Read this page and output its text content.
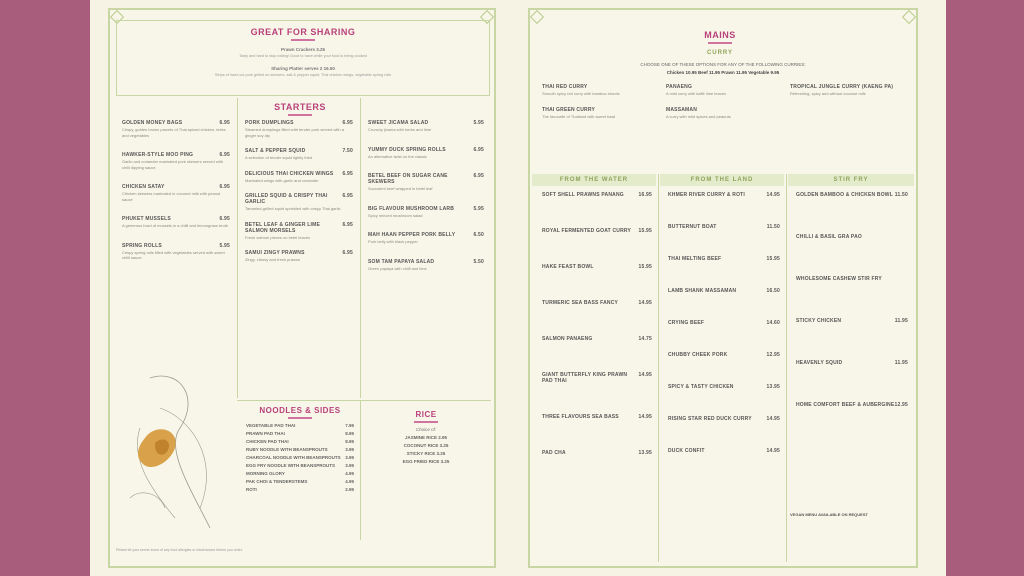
GREAT FOR SHARING
Prawn Crackers 3.25
Tasty and hard to stop eating! Good to have while your food is being cooked
Sharing Platter serves 2 16.50
Strips of hand cut pork grilled on skewers, salt & pepper squid, Thai chicken wings, vegetable spring rolls
STARTERS
GOLDEN MONEY BAGS	6.95
Crispy, golden brown parcels of Thai-spiced chicken, leeks and vegetables
HAWKER-STYLE MOO PING	6.95
Garlic and coriander marinated pork skewers served with chilli dipping sauce
CHICKEN SATAY	6.95
Chicken skewers marinated in coconut milk with peanut sauce
PHUKET MUSSELS	6.95
A generous bowl of mussels in a chilli and lemongrass broth
SPRING ROLLS	5.95
Crispy spring rolls filled with vegetables served with sweet chilli sauce
PORK DUMPLINGS	6.95
Steamed dumplings filled with tender pork served with a ginger soy dip
SALT & PEPPER SQUID	7.50
A selection of tender squid lightly fried
DELICIOUS THAI CHICKEN WINGS 6.95
Marinated wings with garlic and coriander
GRILLED SQUID & CRISPY THAI GARLIC
6.95
Tamarind-grilled squid sprinkled with crispy Thai garlic
BETEL LEAF & GINGER LIME SALMON MORSELS
6.95
Fresh salmon pieces on betel leaves
SAMUI ZINGY PRAWNS	6.95
Zingy, citrusy and fresh prawns
SWEET JICAMA SALAD	5.95
Crunchy jicama with herbs and lime
YUMMY DUCK SPRING ROLLS	6.95
An alternative twist on the classic
BETEL BEEF ON SUGAR CANE SKEWERS
6.95
Succulent beef wrapped in betel leaf
BIG FLAVOUR MUSHROOM LARB	5.95
Spicy minced mushroom salad
MAH HAAN PEPPER PORK BELLY	6.50
Pork belly with black pepper
SOM TAM PAPAYA SALAD	5.50
Green papaya with chilli and lime
NOODLES & SIDES
VEGETABLE PAD THAI	7.95
PRAWN PAD THAI	8.95
CHICKEN PAD THAI	8.95
RUBY NOODLE WITH BEANSPROUTS	3.95
CHARCOAL NOODLE WITH BEANSPROUTS 3.95
EGG FRY NOODLE WITH BEANSPROUTS 3.95
MORNING GLORY	4.95
PAK CHOI & TENDERSTEMS	4.95
ROTI	2.95
RICE
Choice of:
JASMINE RICE 2.95
COCONUT RICE 3.25
STICKY RICE 3.25
EGG FRIED RICE 3.25
Please let your server know of any food allergies or intolerances before you order.
MAINS
CURRY
CHOOSE ONE OF THESE OPTIONS FOR ANY OF THE FOLLOWING CURRIES:
Chicken 10.95 Beef 11.95 Prawn 11.95 Vegetable 9.95
THAI RED CURRY
Smooth spicy red curry with bamboo shoots
THAI GREEN CURRY
The favourite of Thailand with sweet basil
PANAENG
A mild curry with kaffir lime leaves
MASSAMAN
A curry with mild spices and peanuts
TROPICAL JUNGLE CURRY (KAENG PA)
Refreshing, spicy and without coconut milk
FROM THE WATER	FROM THE LAND	STIR FRY
SOFT SHELL PRAWNS PANANG	16.95
ROYAL FERMENTED GOAT CURRY 15.95
HAKE FEAST BOWL	15.95
TURMERIC SEA BASS FANCY	14.95
SALMON PANAENG	14.75
GIANT BUTTERFLY KING PRAWN PAD THAI
14.95
THREE FLAVOURS SEA BASS	14.95
PAD CHA	13.95
KHMER RIVER CURRY & ROTI	14.95
BUTTERNUT BOAT	11.50
THAI MELTING BEEF	15.95
LAMB SHANK MASSAMAN	16.50
CRYING BEEF	14.60
CHUBBY CHEEK PORK	12.95
SPICY & TASTY CHICKEN	13.95
RISING STAR RED DUCK CURRY	14.95
DUCK CONFIT	14.95
GOLDEN BAMBOO & CHICKEN BOWL 11.50
CHILLI & BASIL GRA PAO
WHOLESOME CASHEW STIR FRY
STICKY CHICKEN	11.95
HEAVENLY SQUID	11.95
HOME COMFORT BEEF & AUBERGINE 12.95
VEGAN MENU AVAILABLE ON REQUEST
